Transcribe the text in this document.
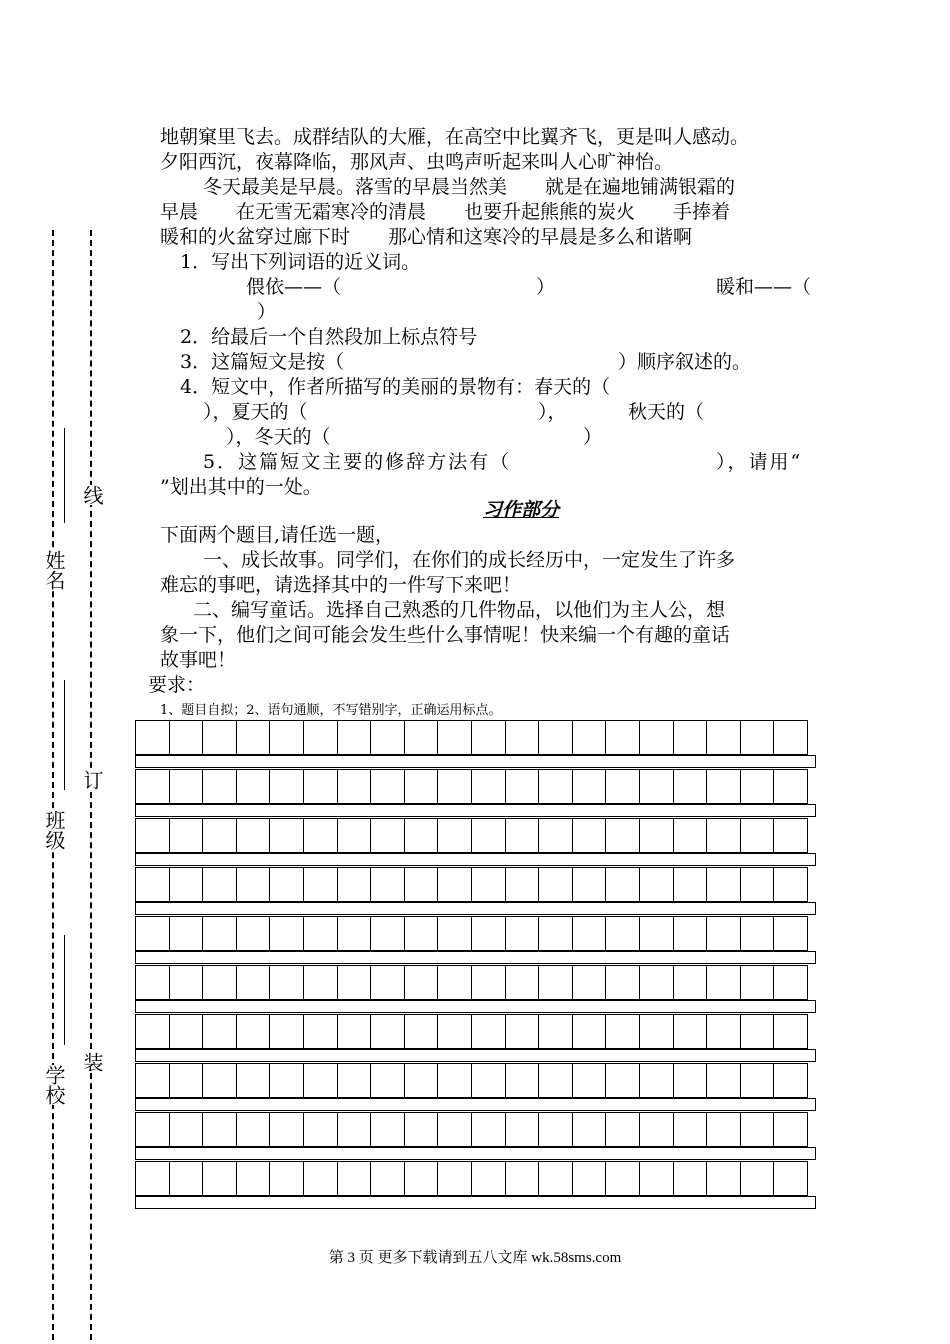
学校
班级
姓名
装
订
线
地朝窠里飞去。成群结队的大雁，在高空中比翼齐飞，更是叫人感动。
夕阳西沉，夜幕降临，那风声、虫鸣声听起来叫人心旷神怡。
冬天最美是早晨。落雪的早晨当然美　　就是在遍地铺满银霜的
早晨　　在无雪无霜寒冷的清晨　　也要升起熊熊的炭火　　手捧着
暖和的火盆穿过廊下时　　那心情和这寒冷的早晨是多么和谐啊
1．写出下列词语的近义词。
偎依——（	）	暖和——（
）
2．给最后一个自然段加上标点符号
3．这篇短文是按（	）顺序叙述的。
4．短文中，作者所描写的美丽的景物有：春天的（
），夏天的（	），	秋天的（
），冬天的（	）
5．这篇短文主要的修辞方法有（	），请用“
”划出其中的一处。
习作部分
下面两个题目,请任选一题，
一、成长故事。同学们，在你们的成长经历中，一定发生了许多
难忘的事吧，请选择其中的一件写下来吧！
二、编写童话。选择自己熟悉的几件物品，以他们为主人公，想
象一下，他们之间可能会发生些什么事情呢！快来编一个有趣的童话
故事吧！
要求：
1、题目自拟；2、语句通顺，不写错别字，正确运用标点。
第 3 页 更多下载请到五八文库 wk.58sms.com
